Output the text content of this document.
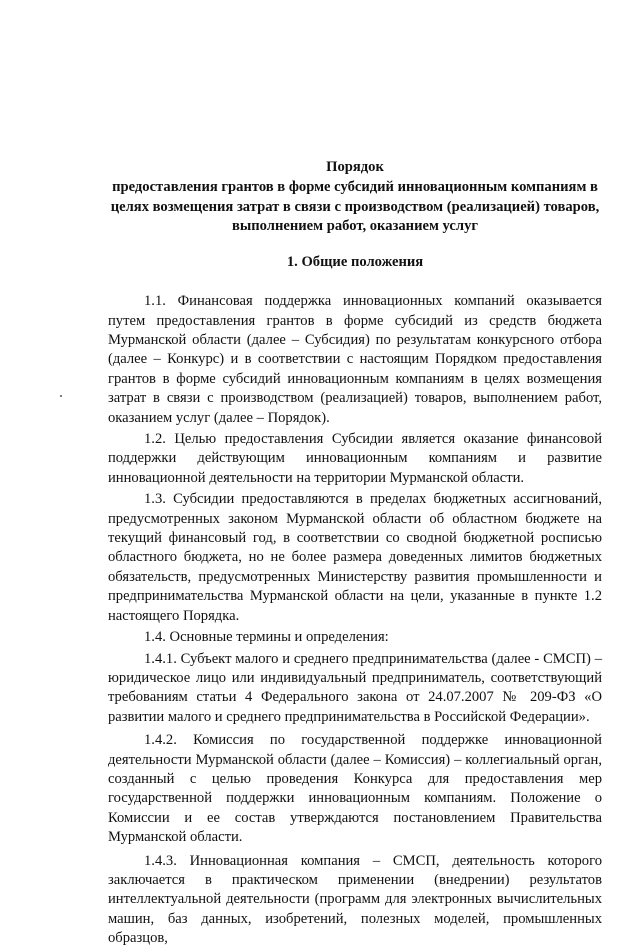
Порядок
предоставления грантов в форме субсидий инновационным компаниям в целях возмещения затрат в связи с производством (реализацией) товаров, выполнением работ, оказанием услуг
1. Общие положения

1.1. Финансовая поддержка инновационных компаний оказывается путем предоставления грантов в форме субсидий из средств бюджета Мурманской области (далее – Субсидия) по результатам конкурсного отбора (далее – Конкурс) и в соответствии с настоящим Порядком предоставления грантов в форме субсидий инновационным компаниям в целях возмещения затрат в связи с производством (реализацией) товаров, выполнением работ, оказанием услуг (далее – Порядок).

1.2. Целью предоставления Субсидии является оказание финансовой поддержки действующим инновационным компаниям и развитие инновационной деятельности на территории Мурманской области.

1.3. Субсидии предоставляются в пределах бюджетных ассигнований, предусмотренных законом Мурманской области об областном бюджете на текущий финансовый год, в соответствии со сводной бюджетной росписью областного бюджета, но не более размера доведенных лимитов бюджетных обязательств, предусмотренных Министерству развития промышленности и предпринимательства Мурманской области на цели, указанные в пункте 1.2 настоящего Порядка.

1.4. Основные термины и определения:

1.4.1. Субъект малого и среднего предпринимательства (далее - СМСП) – юридическое лицо или индивидуальный предприниматель, соответствующий требованиям статьи 4 Федерального закона от 24.07.2007 № 209-ФЗ «О развитии малого и среднего предпринимательства в Российской Федерации».

1.4.2. Комиссия по государственной поддержке инновационной деятельности Мурманской области (далее – Комиссия) – коллегиальный орган, созданный с целью проведения Конкурса для предоставления мер государственной поддержки инновационным компаниям. Положение о Комиссии и ее состав утверждаются постановлением Правительства Мурманской области.

1.4.3. Инновационная компания – СМСП, деятельность которого заключается в практическом применении (внедрении) результатов интеллектуальной деятельности (программ для электронных вычислительных машин, баз данных, изобретений, полезных моделей, промышленных образцов,
